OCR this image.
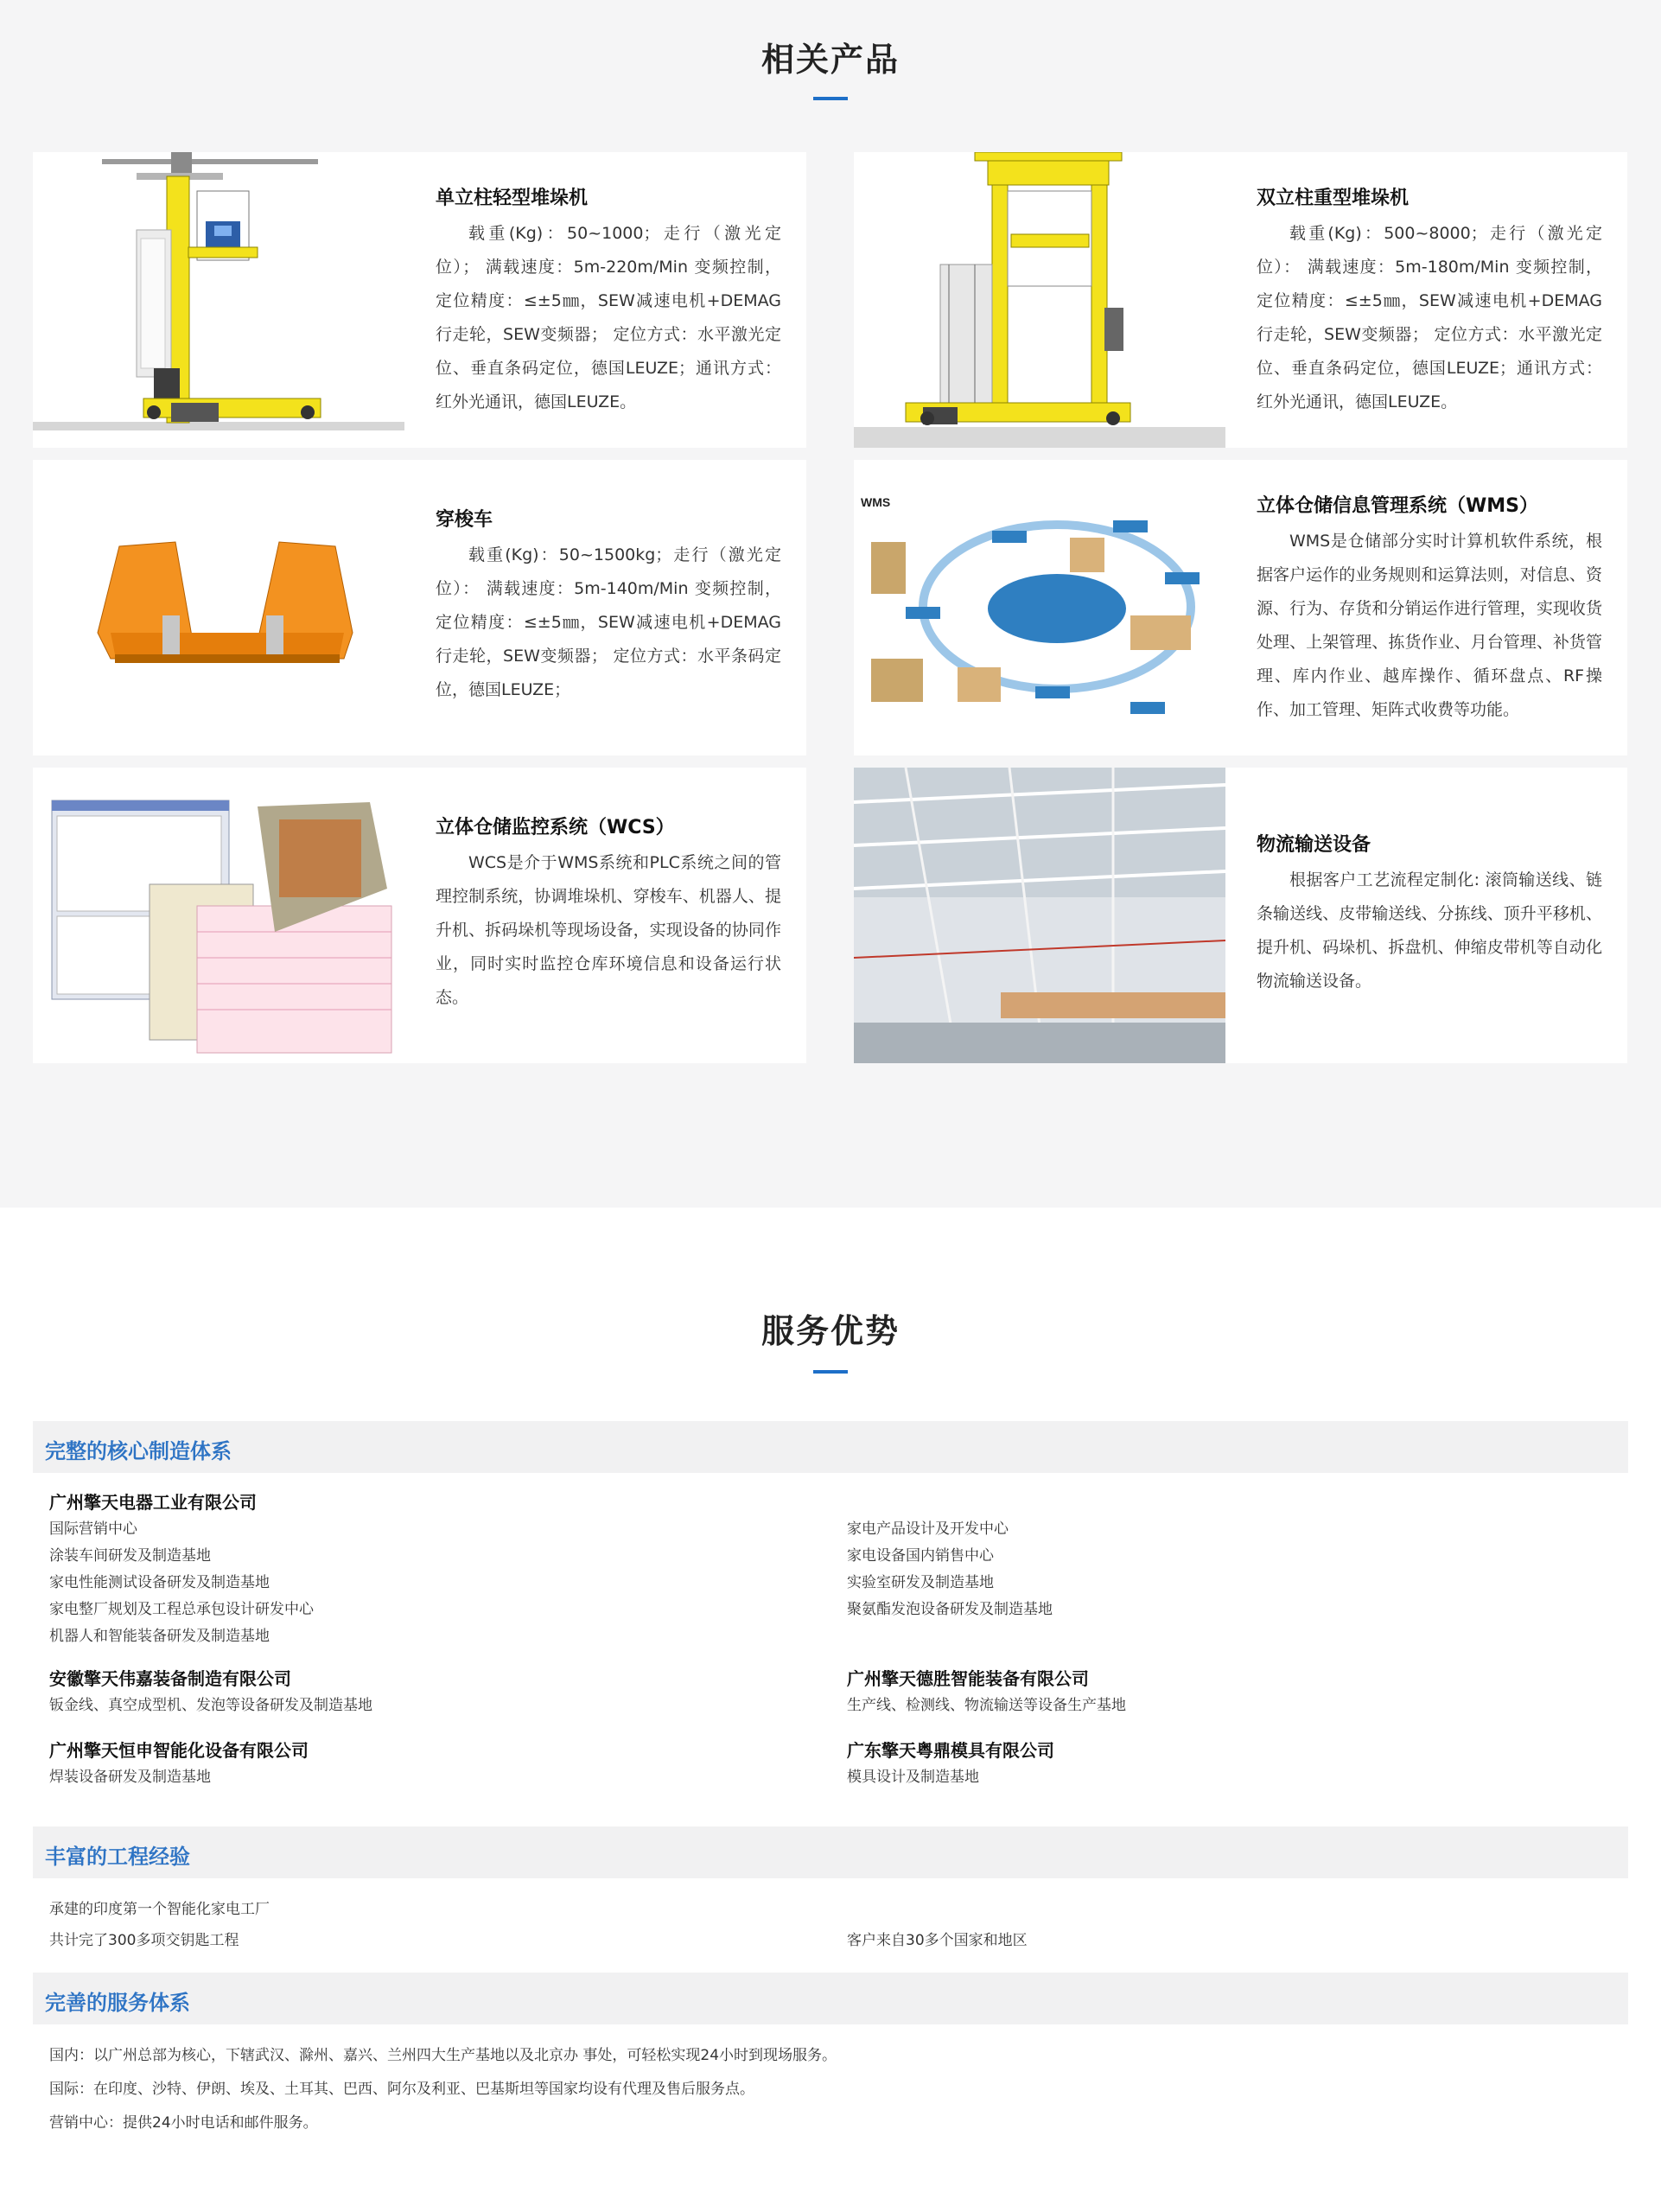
相关产品
单立柱轻型堆垛机

载重(Kg)：50~1000；走行（激光定位）； 满载速度：5m-220m/Min 变频控制，定位精度：≤±5㎜，SEW减速电机+DEMAG行走轮，SEW变频器； 定位方式：水平激光定位、垂直条码定位，德国LEUZE；通讯方式：红外光通讯，德国LEUZE。

双立柱重型堆垛机

载重(Kg)：500~8000；走行（激光定位）： 满载速度：5m-180m/Min 变频控制，定位精度：≤±5㎜，SEW减速电机+DEMAG行走轮，SEW变频器； 定位方式：水平激光定位、垂直条码定位，德国LEUZE；通讯方式：红外光通讯，德国LEUZE。

穿梭车

载重(Kg)：50~1500kg；走行（激光定位）： 满载速度：5m-140m/Min 变频控制，定位精度：≤±5㎜，SEW减速电机+DEMAG行走轮，SEW变频器； 定位方式：水平条码定位，德国LEUZE；

WMS	立体仓储信息管理系统（WMS）

WMS是仓储部分实时计算机软件系统，根据客户运作的业务规则和运算法则，对信息、资源、行为、存货和分销运作进行管理，实现收货处理、上架管理、拣货作业、月台管理、补货管理、库内作业、越库操作、循环盘点、RF操作、加工管理、矩阵式收费等功能。

立体仓储监控系统（WCS）

WCS是介于WMS系统和PLC系统之间的管理控制系统，协调堆垛机、穿梭车、机器人、提升机、拆码垛机等现场设备，实现设备的协同作业，同时实时监控仓库环境信息和设备运行状态。

物流输送设备

根据客户工艺流程定制化: 滚筒输送线、链条输送线、皮带输送线、分拣线、顶升平移机、提升机、码垛机、拆盘机、伸缩皮带机等自动化物流输送设备。

服务优势
完整的核心制造体系
广州擎天电器工业有限公司
国际营销中心
涂装车间研发及制造基地
家电性能测试设备研发及制造基地
家电整厂规划及工程总承包设计研发中心
机器人和智能装备研发及制造基地
家电产品设计及开发中心
家电设备国内销售中心
实验室研发及制造基地
聚氨酯发泡设备研发及制造基地
安徽擎天伟嘉装备制造有限公司
钣金线、真空成型机、发泡等设备研发及制造基地
广州擎天德胜智能装备有限公司
生产线、检测线、物流输送等设备生产基地
广州擎天恒申智能化设备有限公司
焊装设备研发及制造基地
广东擎天粤鼎模具有限公司
模具设计及制造基地
丰富的工程经验
承建的印度第一个智能化家电工厂
共计完了300多项交钥匙工程	客户来自30多个国家和地区
完善的服务体系
国内：以广州总部为核心，下辖武汉、滁州、嘉兴、兰州四大生产基地以及北京办 事处，可轻松实现24小时到现场服务。
国际：在印度、沙特、伊朗、埃及、土耳其、巴西、阿尔及利亚、巴基斯坦等国家均设有代理及售后服务点。
营销中心：提供24小时电话和邮件服务。
